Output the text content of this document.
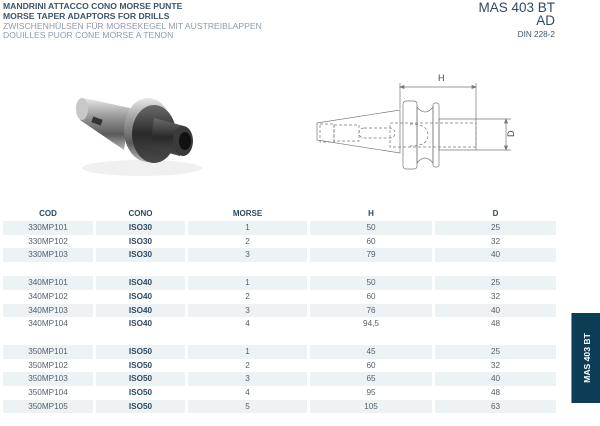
MANDRINI ATTACCO CONO MORSE PUNTE
MORSE TAPER ADAPTORS FOR DRILLS
ZWISCHENHÜLSEN FÜR MORSEKEGEL MIT AUSTREIBLAPPEN
DOUILLES PUOR CONE MORSE A TENON
MAS 403 BT
AD
DIN 228-2
H
D
COD	CONO	MORSE	H	D
330MP101	ISO30	1	50	25
330MP102	ISO30	2	60	32
330MP103	ISO30	3	79	40

340MP101	ISO40	1	50	25
340MP102	ISO40	2	60	32
340MP103	ISO40	3	76	40
340MP104	ISO40	4	94,5	48

350MP101	ISO50	1	45	25
350MP102	ISO50	2	60	32
350MP103	ISO50	3	65	40
350MP104	ISO50	4	95	48
350MP105	ISO50	5	105	63
MAS 403 BT
